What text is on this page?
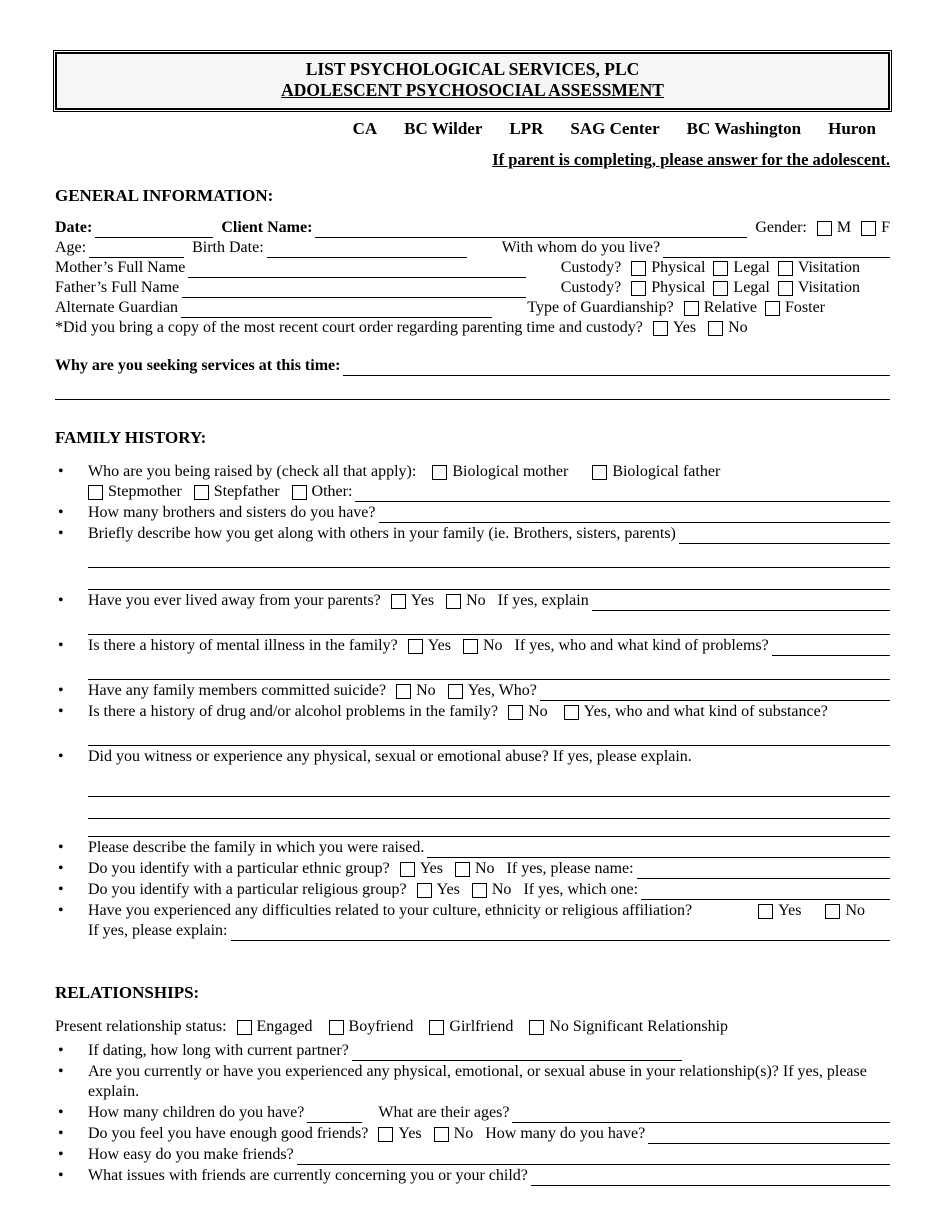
LIST PSYCHOLOGICAL SERVICES, PLC
ADOLESCENT PSYCHOSOCIAL ASSESSMENT
CA BC Wilder LPR SAG Center BC Washington Huron
If parent is completing, please answer for the adolescent.
GENERAL INFORMATION:
Date:	Client Name:	Gender: M F
Age:	Birth Date:	With whom do you live?
Mother’s Full Name	Custody? Physical Legal Visitation
Father’s Full Name	Custody? Physical Legal Visitation
Alternate Guardian	Type of Guardianship? Relative Foster
*Did you bring a copy of the most recent court order regarding parenting time and custody? Yes No
Why are you seeking services at this time:
FAMILY HISTORY:
• Who are you being raised by (check all that apply): Biological mother	Biological father
Stepmother Stepfather Other:
• How many brothers and sisters do you have?
• Briefly describe how you get along with others in your family (ie. Brothers, sisters, parents)
• Have you ever lived away from your parents? Yes No If yes, explain
• Is there a history of mental illness in the family? Yes No If yes, who and what kind of problems?
• Have any family members committed suicide? No Yes, Who?
• Is there a history of drug and/or alcohol problems in the family? No Yes, who and what kind of substance?
• Did you witness or experience any physical, sexual or emotional abuse? If yes, please explain.
• Please describe the family in which you were raised.
• Do you identify with a particular ethnic group? Yes No If yes, please name:
• Do you identify with a particular religious group? Yes No If yes, which one:
• Have you experienced any difficulties related to your culture, ethnicity or religious affiliation?	Yes	No
If yes, please explain:
RELATIONSHIPS:
Present relationship status: Engaged Boyfriend Girlfriend No Significant Relationship
• If dating, how long with current partner?
• Are you currently or have you experienced any physical, emotional, or sexual abuse in your relationship(s)? If yes, please explain.
• How many children do you have?	What are their ages?
• Do you feel you have enough good friends? Yes No How many do you have?
• How easy do you make friends?
• What issues with friends are currently concerning you or your child?
